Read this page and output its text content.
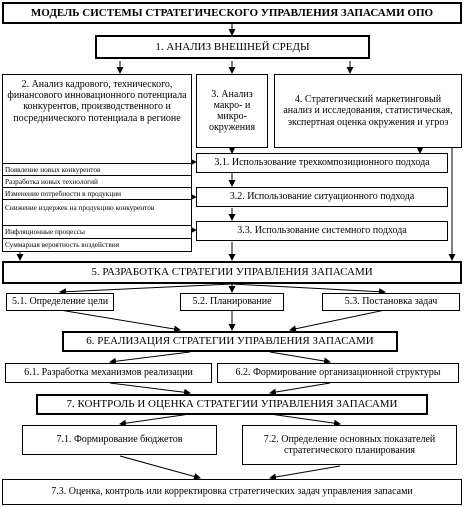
МОДЕЛЬ СИСТЕМЫ СТРАТЕГИЧЕСКОГО УПРАВЛЕНИЯ ЗАПАСАМИ ОПО
1. АНАЛИЗ ВНЕШНЕЙ СРЕДЫ
2. Анализ кадрового, технического, финансового инновационного потенциала конкурентов, производственного и посреднического потенциала в регионе
Появление новых конкурентов
Разработка новых технологий
Изменение потребности в продукции
Снижение издержек на продукцию конкурентов
Инфляционные процессы
Суммарная вероятность воздействия
3. Анализ макро- и микро- окружения
4. Стратегический маркетинговый анализ и исследования, статистическая, экспертная оценка окружения и угроз
3.1. Использование трехкомпозиционного подхода
3.2. Использование ситуационного подхода
3.3. Использование системного подхода
5. РАЗРАБОТКА СТРАТЕГИИ УПРАВЛЕНИЯ ЗАПАСАМИ
5.1. Определение цели	5.2. Планирование	5.3. Постановка задач
6. РЕАЛИЗАЦИЯ СТРАТЕГИИ УПРАВЛЕНИЯ ЗАПАСАМИ
6.1. Разработка механизмов реализации	6.2. Формирование организационной структуры
7. КОНТРОЛЬ И ОЦЕНКА СТРАТЕГИИ УПРАВЛЕНИЯ ЗАПАСАМИ
7.1. Формирование бюджетов	7.2. Определение основных показателей стратегического планирования
7.3. Оценка, контроль или корректировка стратегических задач управления запасами
